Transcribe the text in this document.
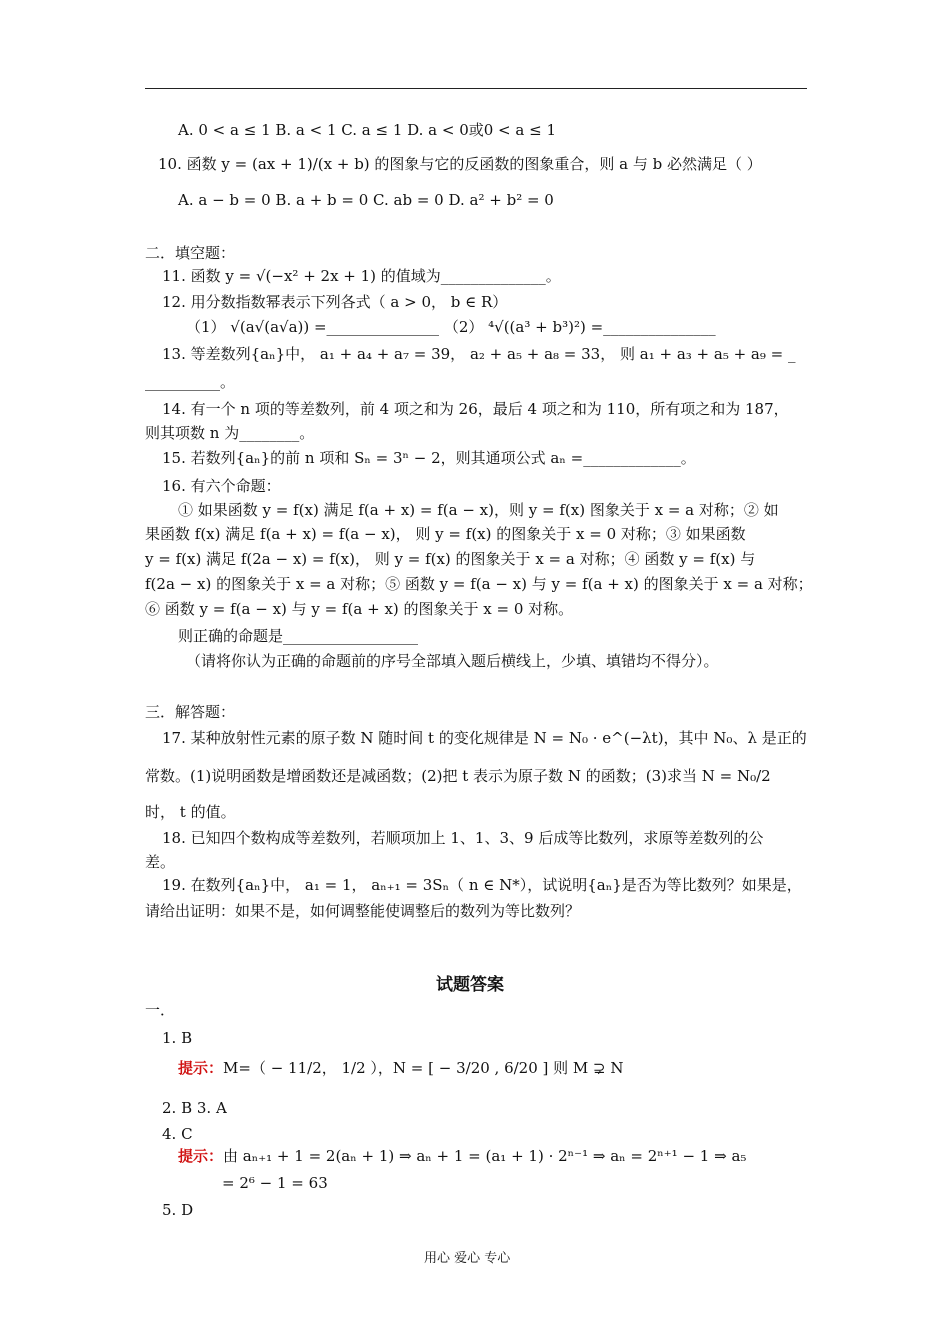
A. 0 < a ≤ 1 B. a < 1 C. a ≤ 1 D. a < 0或0 < a ≤ 1
10. 函数 y = (ax + 1)/(x + b) 的图象与它的反函数的图象重合，则 a 与 b 必然满足（ ）
A. a − b = 0 B. a + b = 0 C. ab = 0 D. a² + b² = 0
二．填空题：
11. 函数 y = √(−x² + 2x + 1) 的值域为______________。
12. 用分数指数幂表示下列各式（ a > 0， b ∈ R）
（1） √(a√(a√a)) =_______________ （2） ⁴√((a³ + b³)²) =_______________
13. 等差数列{aₙ}中， a₁ + a₄ + a₇ = 39， a₂ + a₅ + a₈ = 33， 则 a₁ + a₃ + a₅ + a₉ = _
__________。
14. 有一个 n 项的等差数列，前 4 项之和为 26，最后 4 项之和为 110，所有项之和为 187，
则其项数 n 为________。
15. 若数列{aₙ}的前 n 项和 Sₙ = 3ⁿ − 2，则其通项公式 aₙ =_____________。
16. 有六个命题：
① 如果函数 y = f(x) 满足 f(a + x) = f(a − x)，则 y = f(x) 图象关于 x = a 对称；② 如
果函数 f(x) 满足 f(a + x) = f(a − x)， 则 y = f(x) 的图象关于 x = 0 对称；③ 如果函数
y = f(x) 满足 f(2a − x) = f(x)， 则 y = f(x) 的图象关于 x = a 对称；④ 函数 y = f(x) 与
f(2a − x) 的图象关于 x = a 对称；⑤ 函数 y = f(a − x) 与 y = f(a + x) 的图象关于 x = a 对称；
⑥ 函数 y = f(a − x) 与 y = f(a + x) 的图象关于 x = 0 对称。
则正确的命题是__________________
（请将你认为正确的命题前的序号全部填入题后横线上，少填、填错均不得分）。
三．解答题：
17. 某种放射性元素的原子数 N 随时间 t 的变化规律是 N = N₀ · e^(−λt)，其中 N₀、λ 是正的
常数。(1)说明函数是增函数还是减函数；(2)把 t 表示为原子数 N 的函数；(3)求当 N = N₀/2
时， t 的值。
18. 已知四个数构成等差数列，若顺项加上 1、1、3、9 后成等比数列，求原等差数列的公
差。
19. 在数列{aₙ}中， a₁ = 1， aₙ₊₁ = 3Sₙ（ n ∈ N*），试说明{aₙ}是否为等比数列？如果是，
请给出证明：如果不是，如何调整能使调整后的数列为等比数列？
试题答案
一．
1. B
提示：M=（ − 11/2， 1/2 ），N = [ − 3/20 , 6/20 ] 则 M ⊋ N
2. B 3. A
4. C
提示：由 aₙ₊₁ + 1 = 2(aₙ + 1) ⇒ aₙ + 1 = (a₁ + 1) · 2ⁿ⁻¹ ⇒ aₙ = 2ⁿ⁺¹ − 1 ⇒ a₅
= 2⁶ − 1 = 63
5. D
用心 爱心 专心
